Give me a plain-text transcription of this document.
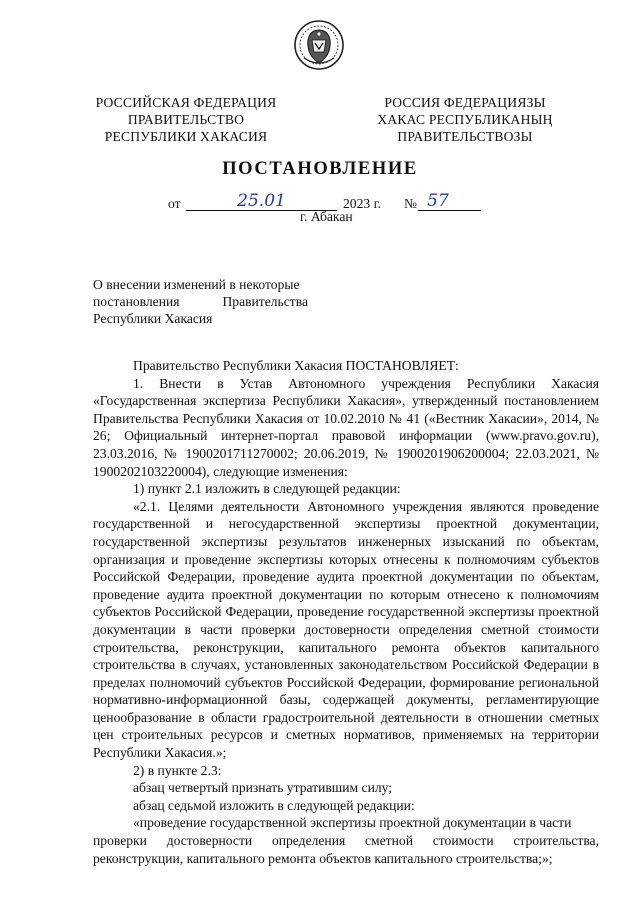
РОССИЙСКАЯ ФЕДЕРАЦИЯ
ПРАВИТЕЛЬСТВО
РЕСПУБЛИКИ ХАКАСИЯ
РОССИЯ ФЕДЕРАЦИЯЗЫ
ХАКАС РЕСПУБЛИКАНЫҢ
ПРАВИТЕЛЬСТВОЗЫ
ПОСТАНОВЛЕНИЕ
от	25.01	2023 г. № 57
г. Абакан
О внесении изменений в некоторые
постановления	Правительства
Республики Хакасия

Правительство Республики Хакасия ПОСТАНОВЛЯЕТ:

1. Внести в Устав Автономного учреждения Республики Хакасия «Государственная экспертиза Республики Хакасия», утвержденный постановлением Правительства Республики Хакасия от 10.02.2010 № 41 («Вестник Хакасии», 2014, № 26; Официальный интернет-портал правовой информации (www.pravo.gov.ru), 23.03.2016, № 1900201711270002; 20.06.2019, № 1900201906200004; 22.03.2021, № 1900202103220004), следующие изменения:

1) пункт 2.1 изложить в следующей редакции:

«2.1. Целями деятельности Автономного учреждения являются проведение государственной и негосударственной экспертизы проектной документации, государственной экспертизы результатов инженерных изысканий по объектам, организация и проведение экспертизы которых отнесены к полномочиям субъектов Российской Федерации, проведение аудита проектной документации по объектам, проведение аудита проектной документации по которым отнесено к полномочиям субъектов Российской Федерации, проведение государственной экспертизы проектной документации в части проверки достоверности определения сметной стоимости строительства, реконструкции, капитального ремонта объектов капитального строительства в случаях, установленных законодательством Российской Федерации в пределах полномочий субъектов Российской Федерации, формирование региональной нормативно-информационной базы, содержащей документы, регламентирующие ценообразование в области градостроительной деятельности в отношении сметных цен строительных ресурсов и сметных нормативов, применяемых на территории Республики Хакасия.»;

2) в пункте 2.3:

абзац четвертый признать утратившим силу;

абзац седьмой изложить в следующей редакции:

«проведение государственной экспертизы проектной документации в части

проверки достоверности определения сметной стоимости строительства,

реконструкции, капитального ремонта объектов капитального строительства;»;
